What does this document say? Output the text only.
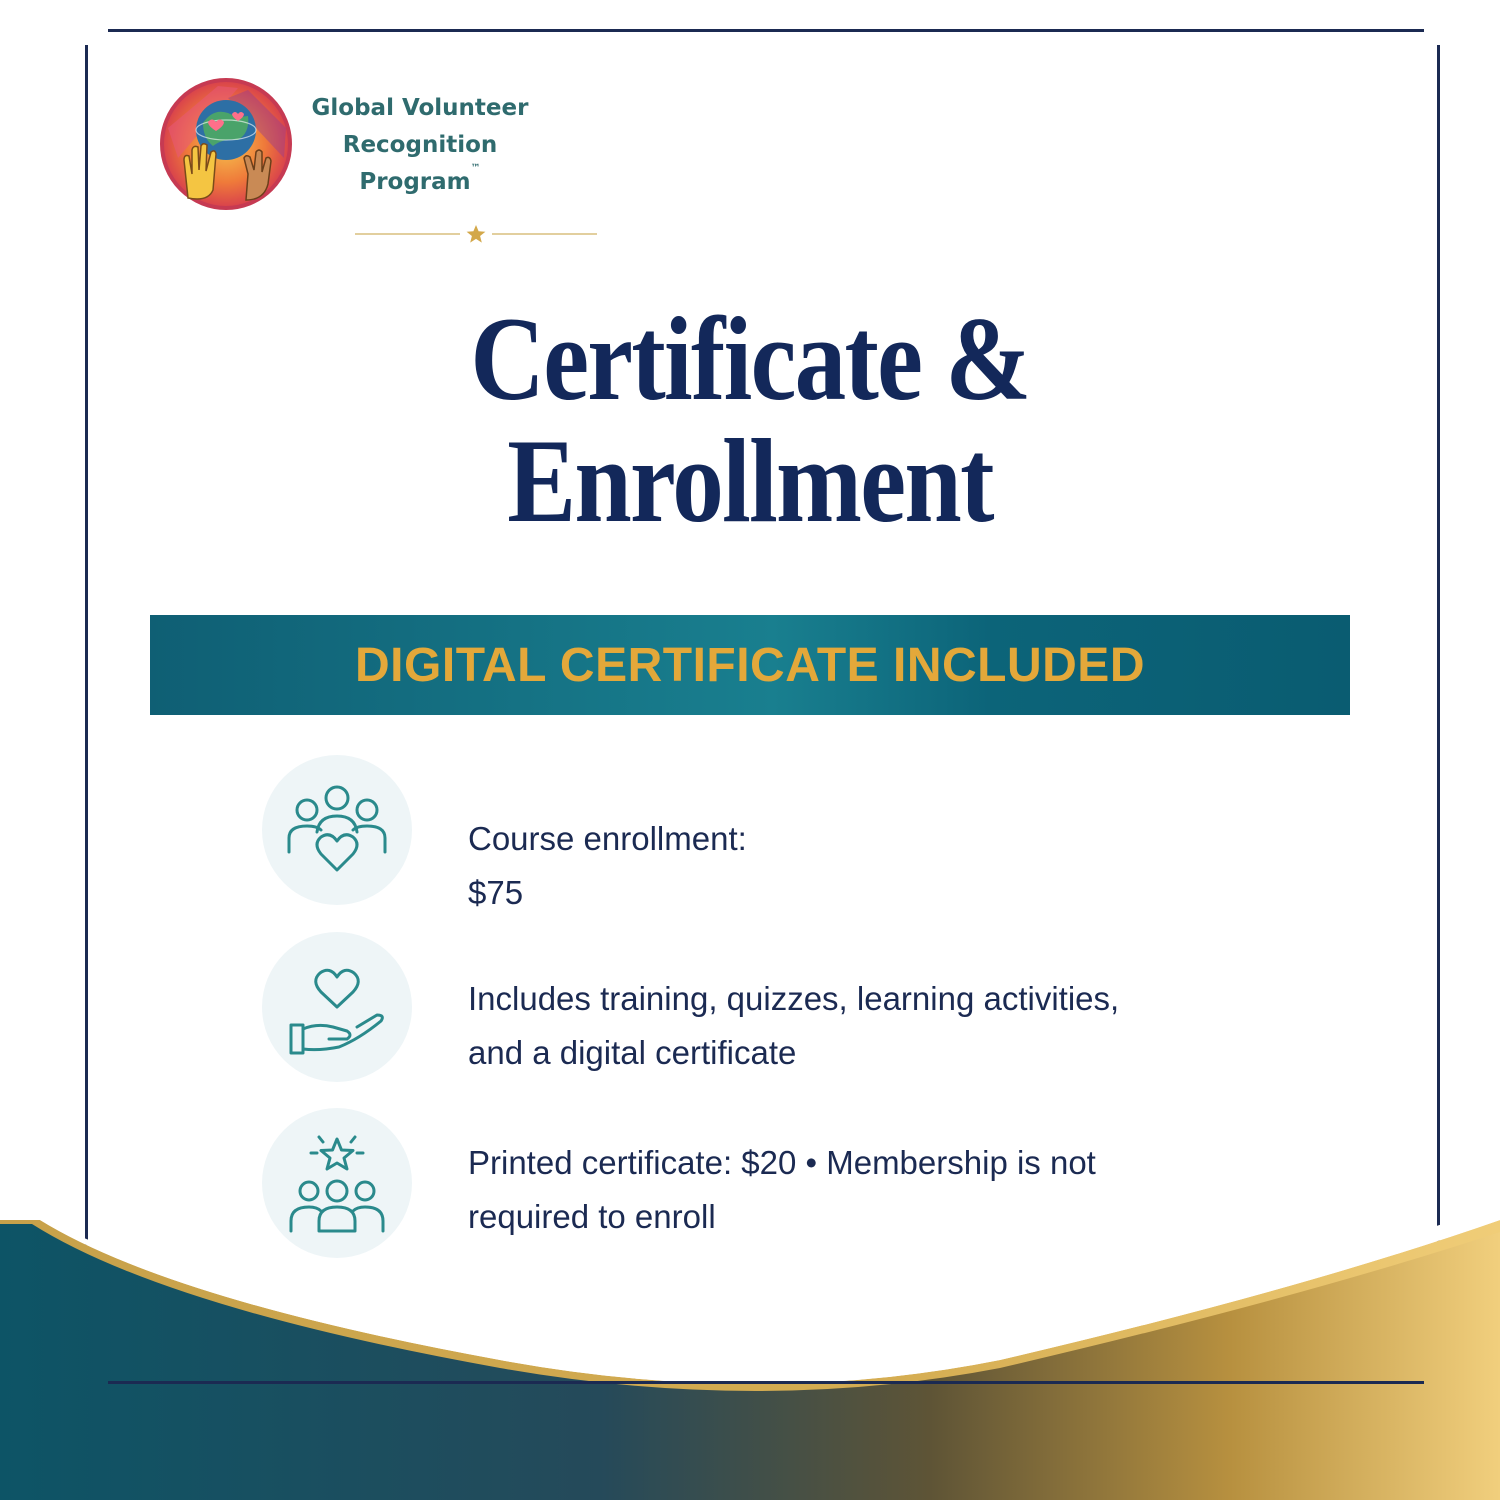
Global Volunteer
Recognition
Program™
Certificate &
Enrollment
DIGITAL CERTIFICATE INCLUDED

Course enrollment:
$75

Includes training, quizzes, learning activities,
and a digital certificate

Printed certificate: $20 • Membership is not
required to enroll
